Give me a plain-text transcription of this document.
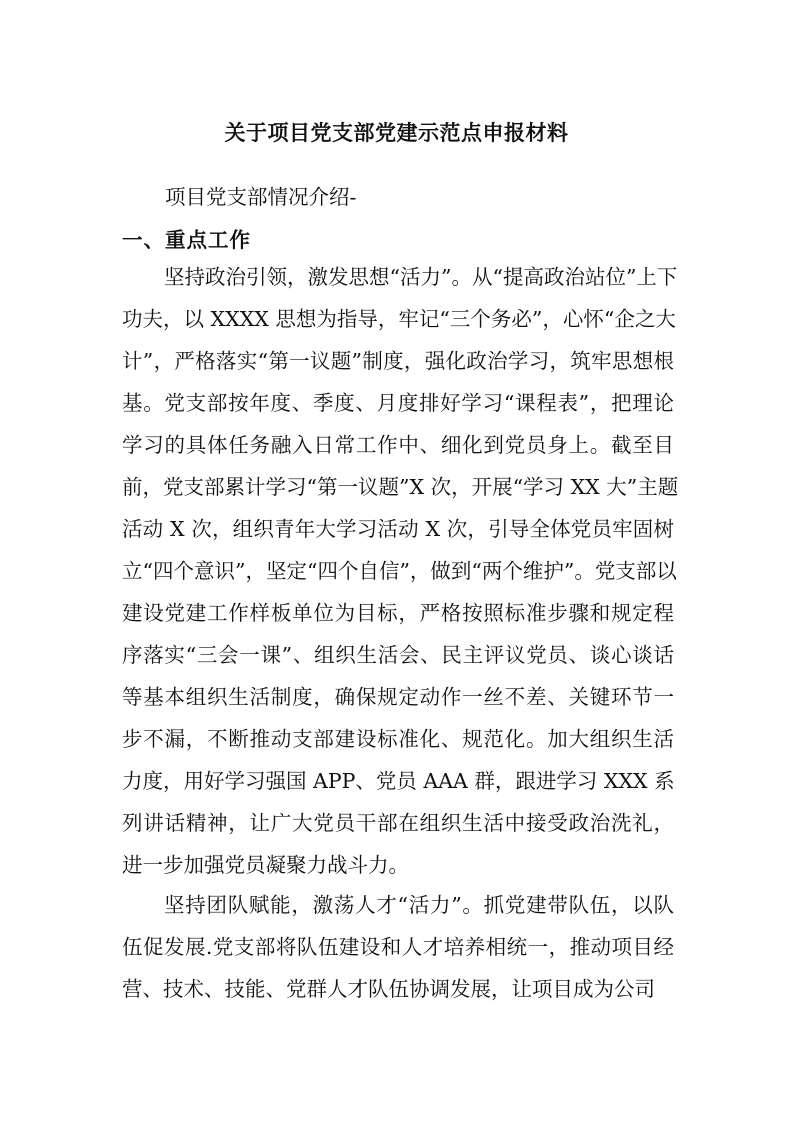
关于项目党支部党建示范点申报材料
项目党支部情况介绍-
一、重点工作
坚持政治引领，激发思想“活力”。从“提高政治站位”上下
功夫，以 XXXX 思想为指导，牢记“三个务必”，心怀“企之大
计”，严格落实“第一议题”制度，强化政治学习，筑牢思想根
基。党支部按年度、季度、月度排好学习“课程表”，把理论
学习的具体任务融入日常工作中、细化到党员身上。截至目
前，党支部累计学习“第一议题”X 次，开展“学习 XX 大”主题
活动 X 次，组织青年大学习活动 X 次，引导全体党员牢固树
立“四个意识”，坚定“四个自信”，做到“两个维护”。党支部以
建设党建工作样板单位为目标，严格按照标准步骤和规定程
序落实“三会一课”、组织生活会、民主评议党员、谈心谈话
等基本组织生活制度，确保规定动作一丝不差、关键环节一
步不漏，不断推动支部建设标准化、规范化。加大组织生活
力度，用好学习强国 APP、党员 AAA 群，跟进学习 XXX 系
列讲话精神，让广大党员干部在组织生活中接受政治洗礼，
进一步加强党员凝聚力战斗力。
坚持团队赋能，激荡人才“活力”。抓党建带队伍，以队
伍促发展.党支部将队伍建设和人才培养相统一，推动项目经
营、技术、技能、党群人才队伍协调发展，让项目成为公司
